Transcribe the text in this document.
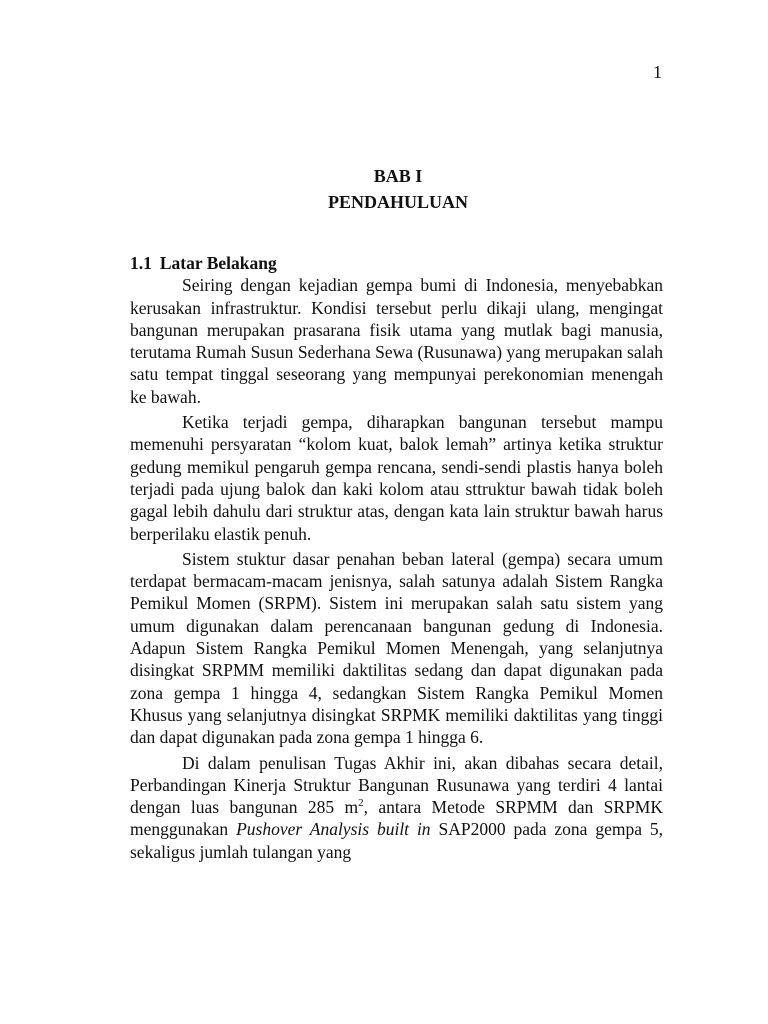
1
BAB I
PENDAHULUAN
1.1 Latar Belakang

Seiring dengan kejadian gempa bumi di Indonesia, menyebabkan kerusakan infrastruktur. Kondisi tersebut perlu dikaji ulang, mengingat bangunan merupakan prasarana fisik utama yang mutlak bagi manusia, terutama Rumah Susun Sederhana Sewa (Rusunawa) yang merupakan salah satu tempat tinggal seseorang yang mempunyai perekonomian menengah ke bawah.

Ketika terjadi gempa, diharapkan bangunan tersebut mampu memenuhi persyaratan “kolom kuat, balok lemah” artinya ketika struktur gedung memikul pengaruh gempa rencana, sendi-sendi plastis hanya boleh terjadi pada ujung balok dan kaki kolom atau sttruktur bawah tidak boleh gagal lebih dahulu dari struktur atas, dengan kata lain struktur bawah harus berperilaku elastik penuh.

Sistem stuktur dasar penahan beban lateral (gempa) secara umum terdapat bermacam-macam jenisnya, salah satunya adalah Sistem Rangka Pemikul Momen (SRPM). Sistem ini merupakan salah satu sistem yang umum digunakan dalam perencanaan bangunan gedung di Indonesia. Adapun Sistem Rangka Pemikul Momen Menengah, yang selanjutnya disingkat SRPMM memiliki daktilitas sedang dan dapat digunakan pada zona gempa 1 hingga 4, sedangkan Sistem Rangka Pemikul Momen Khusus yang selanjutnya disingkat SRPMK memiliki daktilitas yang tinggi dan dapat digunakan pada zona gempa 1 hingga 6.

Di dalam penulisan Tugas Akhir ini, akan dibahas secara detail, Perbandingan Kinerja Struktur Bangunan Rusunawa yang terdiri 4 lantai dengan luas bangunan 285 $m^2$, antara Metode SRPMM dan SRPMK menggunakan Pushover Analysis built in SAP2000 pada zona gempa 5, sekaligus jumlah tulangan yang
